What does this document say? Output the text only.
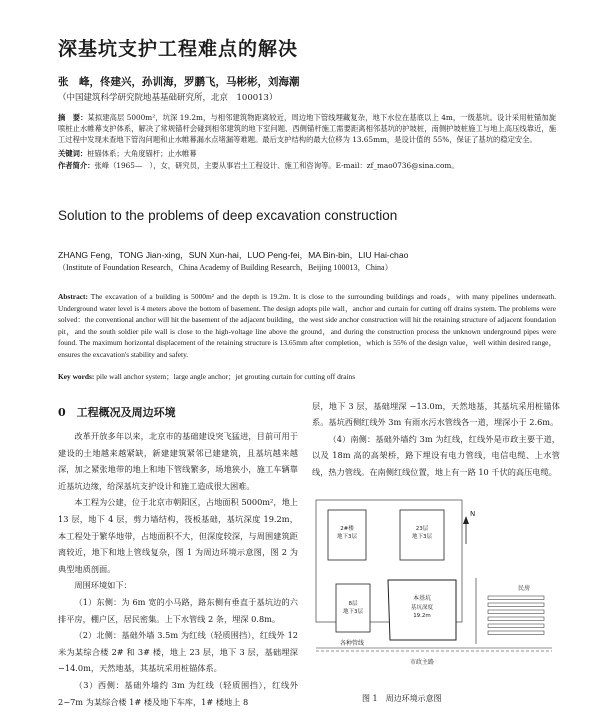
深基坑支护工程难点的解决
张　峰，佟建兴，孙训海，罗鹏飞，马彬彬，刘海潮
（中国建筑科学研究院地基基础研究所，北京　100013）
摘　要：某拟建高层 5000m²，坑深 19.2m，与相邻建筑物距离较近，周边地下管线埋藏复杂，地下水位在基底以上 4m，一级基坑。设计采用桩锚加旋喷桩止水帷幕支护体系，解决了常规锚杆会碰到相邻建筑的地下室问题、西侧锚杆施工需要距离相邻基坑的护坡桩，南侧护坡桩施工与地上高压线靠近，施工过程中发现未查地下管沟问题和止水帷幕漏水点堵漏等难题。最后支护结构的最大位移为 13.65mm，是设计值的 55%，保证了基坑的稳定安全。
关键词：桩锚体系；大角度锚杆；止水帷幕
作者简介：张峰（1965—　），女，研究员，主要从事岩土工程设计、施工和咨询等。E-mail：zf_mao0736@sina.com。
Solution to the problems of deep excavation construction
ZHANG Feng，TONG Jian-xing，SUN Xun-hai，LUO Peng-fei，MA Bin-bin，LIU Hai-chao
（Institute of Foundation Research，China Academy of Building Research，Beijing 100013，China）
Abstract: The excavation of a building is 5000m² and the depth is 19.2m. It is close to the surrounding buildings and roads，with many pipelines underneath. Underground water level is 4 meters above the bottom of basement. The design adopts pile wall，anchor and curtain for cutting off drains system. The problems were solved：the conventional anchor will hit the basement of the adjacent building，the west side anchor construction will hit the retaining structure of adjacent foundation pit，and the south soldier pile wall is close to the high-voltage line above the ground，and during the construction process the unknown underground pipes were found. The maximum horizontal displacement of the retaining structure is 13.65mm after completion，which is 55% of the design value，well within desired range，ensures the excavation's stability and safety.
Key words: pile wall anchor system；large angle anchor；jet grouting curtain for cutting off drains
0　工程概况及周边环境

改革开放多年以来，北京市的基础建设突飞猛进，目前可用于建设的土地越来越紧缺，新建建筑紧邻已建建筑，且基坑越来越深，加之紧张地带的地上和地下管线繁多，场地狭小，施工车辆靠近基坑边缘，给深基坑支护设计和施工造成很大困难。

本工程为公建，位于北京市朝阳区，占地面积 5000m²，地上 13 层，地下 4 层，剪力墙结构，筏板基础，基坑深度 19.2m，本工程处于繁华地带，占地面积不大，但深度较深，与周围建筑距离较近，地下和地上管线复杂，图 1 为周边环境示意图，图 2 为典型地质剖面。

周围环境如下：

（1）东侧：为 6m 宽的小马路，路东侧有垂直于基坑边的六排平房，棚户区，居民密集。上下水管线 2 条，埋深 0.8m。

（2）北侧：基础外墙 3.5m 为红线（轻质围挡），红线外 12 米为某综合楼 2# 和 3# 楼，地上 23 层，地下 3 层，基础埋深 −14.0m，天然地基，其基坑采用桩锚体系。

（3）西侧：基础外墙约 3m 为红线（轻质围挡），红线外 2~7m 为某综合楼 1# 楼及地下车库，1# 楼地上 8

层，地下 3 层，基础埋深 −13.0m，天然地基，其基坑采用桩锚体系。基坑西侧红线外 3m 有雨水污水管线各一道，埋深小于 2.6m。

（4）南侧：基础外墙约 3m 为红线，红线外是市政主要干道，以及 18m 高的高架桥，路下埋设有电力管线，电信电缆、上水管线，热力管线。在南侧红线位置，地上有一路 10 千伏的高压电缆。

N
2#楼
地下3层
23层
地下3层
8层
地下3层
本基坑
基坑深度
19.2m
民房
各种管线
市政主路
图 1　周边环境示意图
